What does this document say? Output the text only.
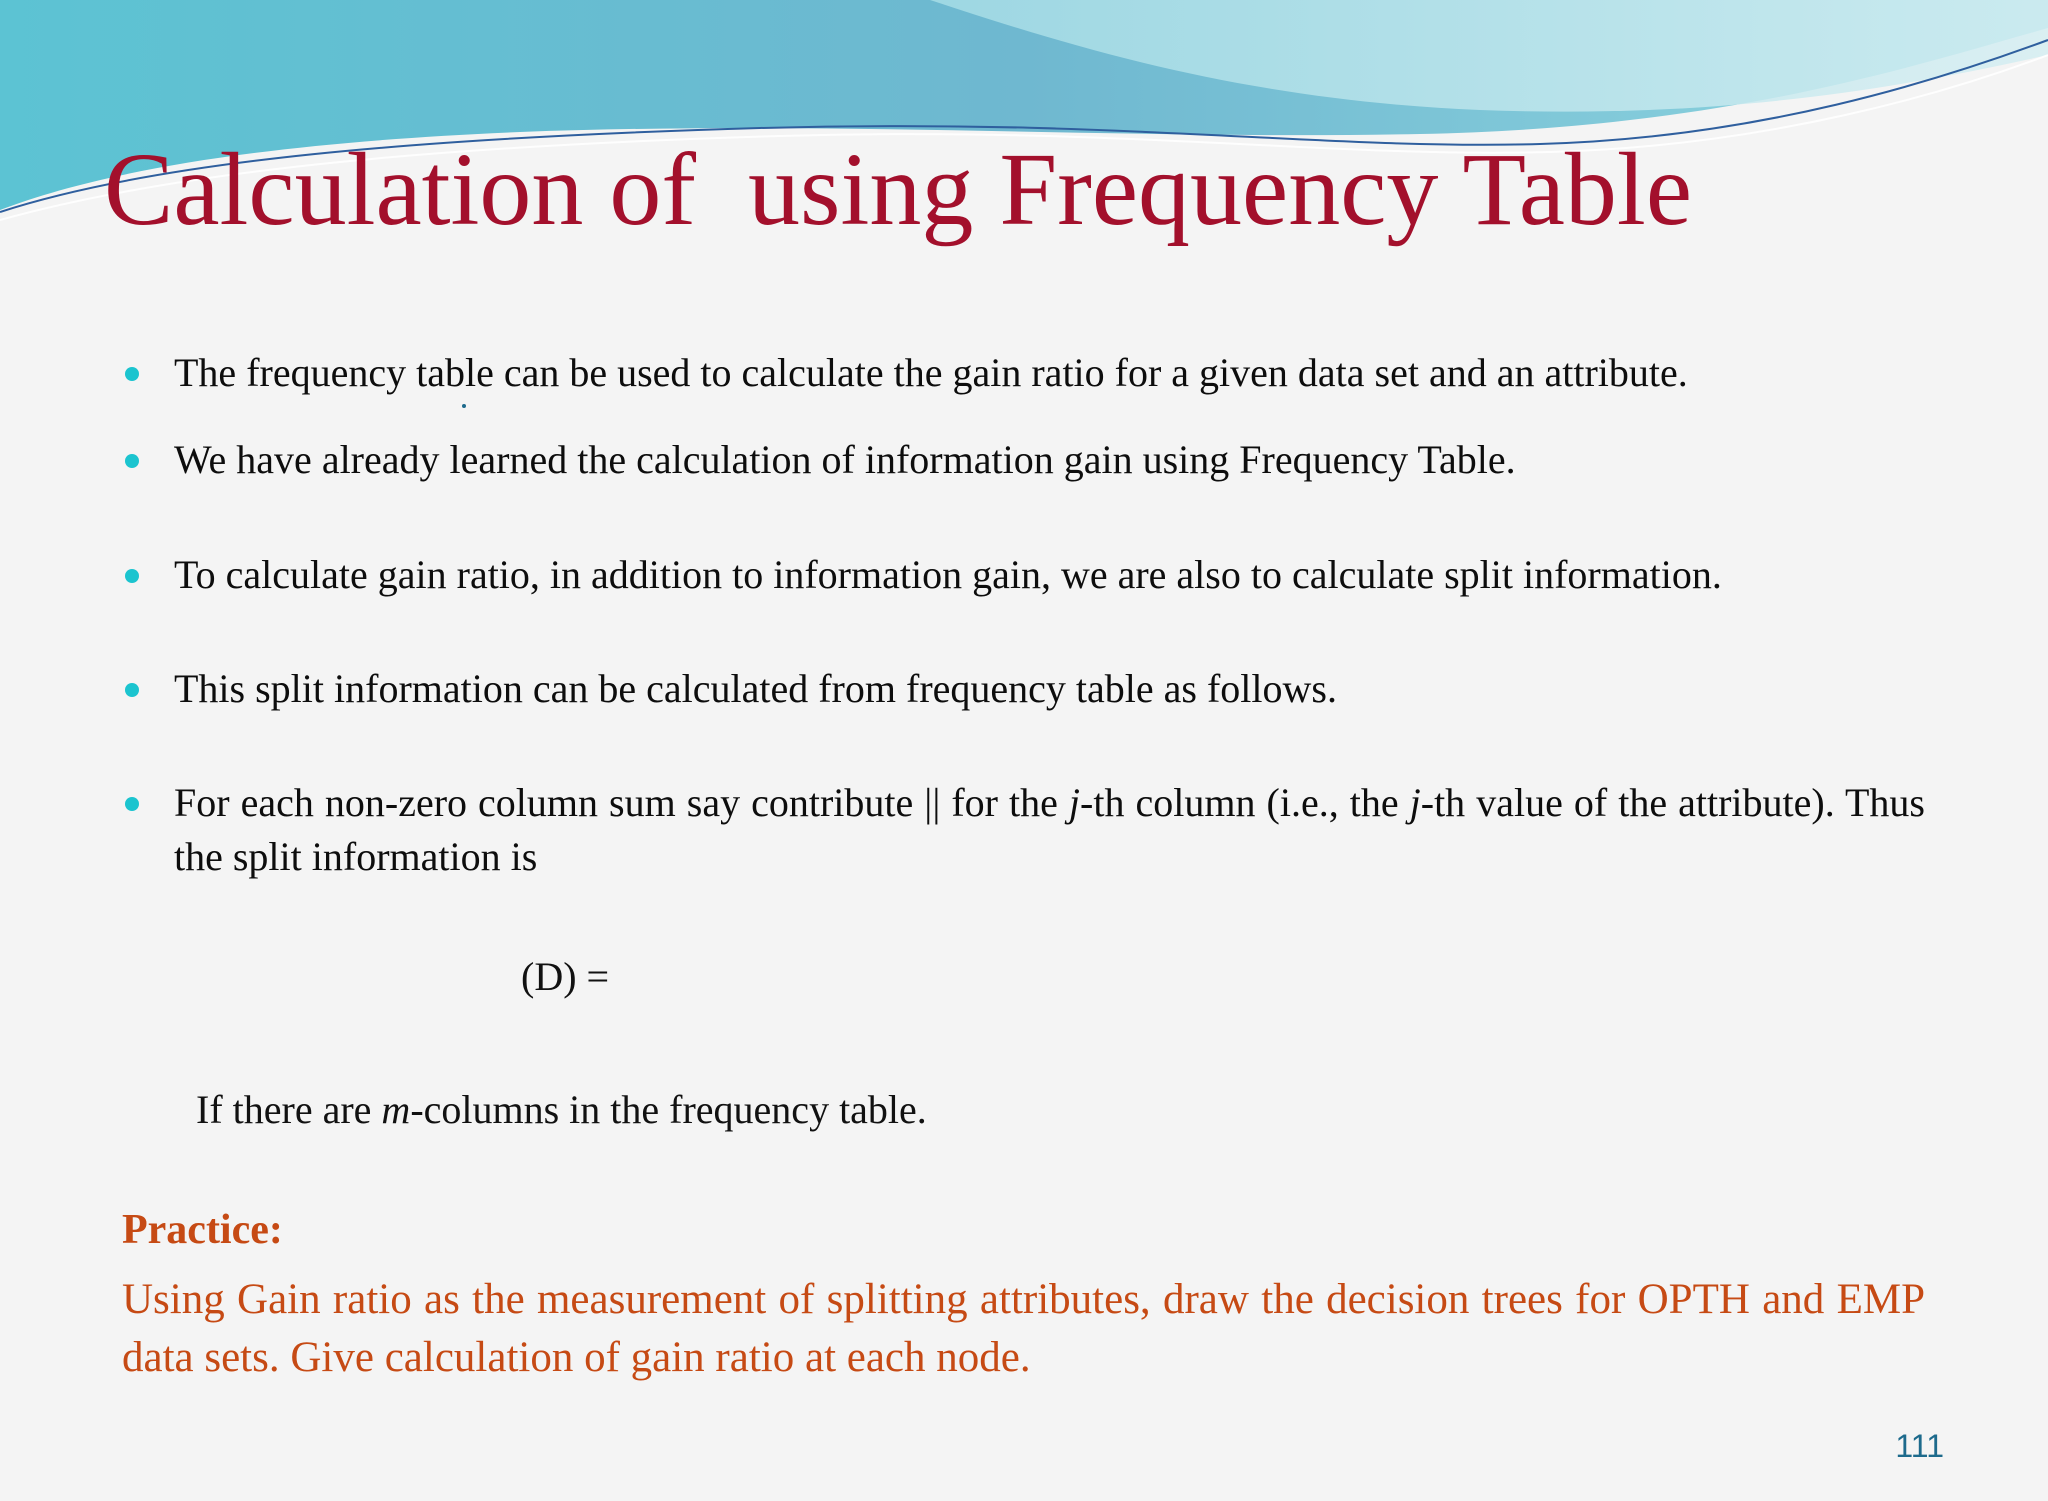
Calculation of  using Frequency Table
The frequency table can be used to calculate the gain ratio for a given data set and an attribute.
We have already learned the calculation of information gain using Frequency Table.
To calculate gain ratio, in addition to information gain, we are also to calculate split information.
This split information can be calculated from frequency table as follows.
For each non-zero column sum say contribute || for the j-th column (i.e., the j-th value of the attribute). Thus the split information is
(D) =
If there are m-columns in the frequency table.
Practice:
Using Gain ratio as the measurement of splitting attributes, draw the decision trees for OPTH and EMP data sets. Give calculation of gain ratio at each node.
111
